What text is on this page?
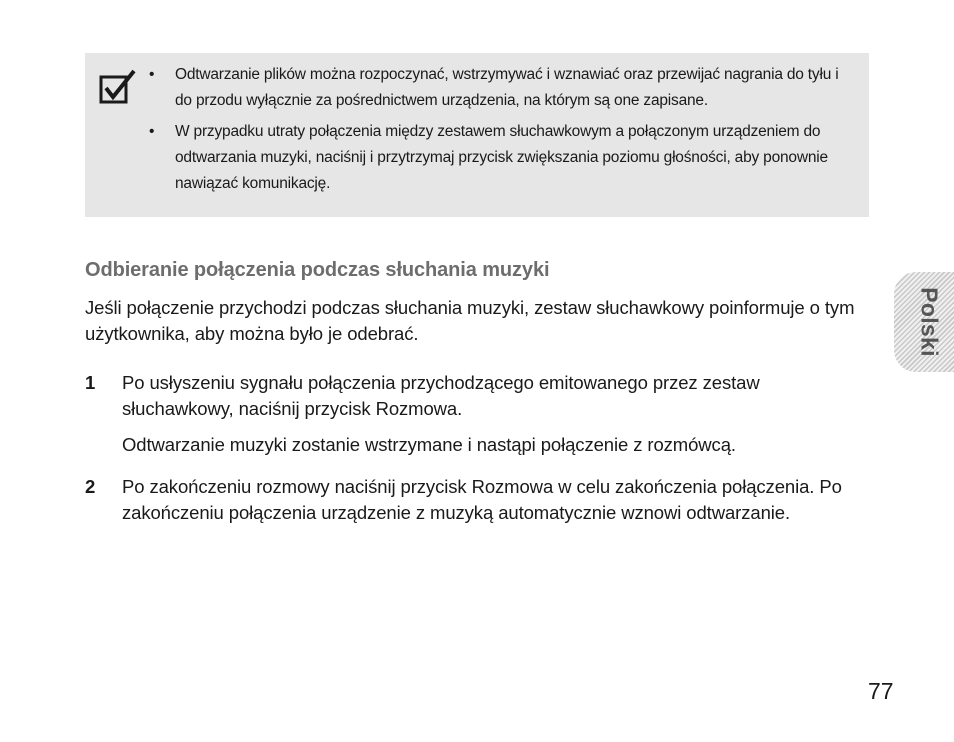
• Odtwarzanie plików można rozpoczynać, wstrzymywać i wznawiać oraz przewijać nagrania do tyłu i do przodu wyłącznie za pośrednictwem urządzenia, na którym są one zapisane.
• W przypadku utraty połączenia między zestawem słuchawkowym a połączonym urządzeniem do odtwarzania muzyki, naciśnij i przytrzymaj przycisk zwiększania poziomu głośności, aby ponownie nawiązać komunikację.
Odbieranie połączenia podczas słuchania muzyki

Jeśli połączenie przychodzi podczas słuchania muzyki, zestaw słuchawkowy poinformuje o tym użytkownika, aby można było je odebrać.

1 Po usłyszeniu sygnału połączenia przychodzącego emitowanego przez zestaw słuchawkowy, naciśnij przycisk Rozmowa.

Odtwarzanie muzyki zostanie wstrzymane i nastąpi połączenie z rozmówcą.

2 Po zakończeniu rozmowy naciśnij przycisk Rozmowa w celu zakończenia połączenia. Po zakończeniu połączenia urządzenie z muzyką automatycznie wznowi odtwarzanie.

Polski
77
